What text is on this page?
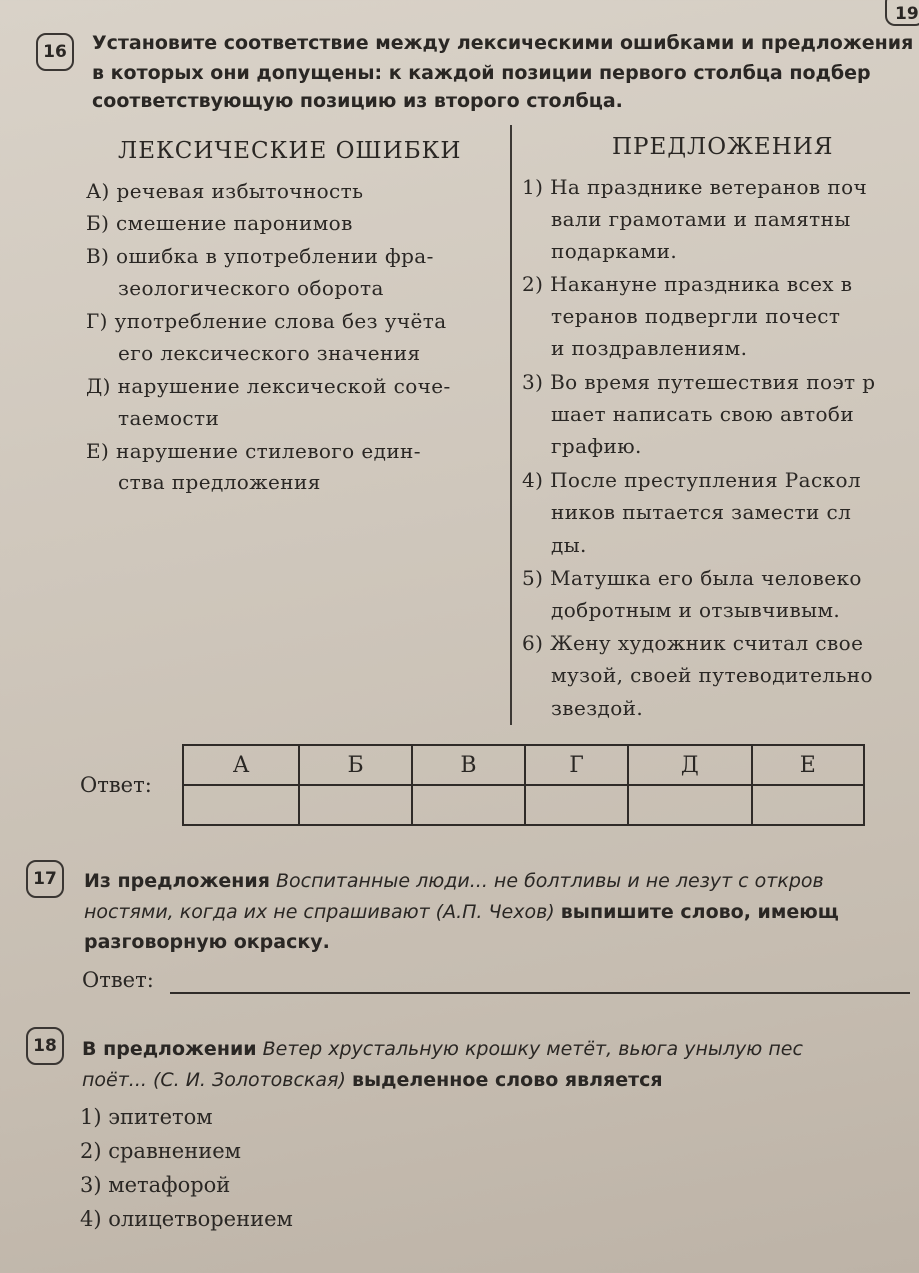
19
16	Установите соответствие между лексическими ошибками и предложения
в которых они допущены: к каждой позиции первого столбца подбер
соответствующую позицию из второго столбца.
ЛЕКСИЧЕСКИЕ ОШИБКИ	ПРЕДЛОЖЕНИЯ
А) речевая избыточность
Б) смешение паронимов
В) ошибка в употреблении фра-
зеологического оборота
Г) употребление слова без учёта
его лексического значения
Д) нарушение лексической соче-
таемости
Е) нарушение стилевого един-
ства предложения
1) На празднике ветеранов поч
вали грамотами и памятны
подарками.
2) Накануне праздника всех в
теранов подвергли почест
и поздравлениям.
3) Во время путешествия поэт р
шает написать свою автоби
графию.
4) После преступления Раскол
ников пытается замести сл
ды.
5) Матушка его была человеко
добротным и отзывчивым.
6) Жену художник считал свое
музой, своей путеводительно
звездой.
Ответ:
А	Б	В	Г	Д	Е

17	Из предложения Воспитанные люди... не болтливы и не лезут с откров
ностями, когда их не спрашивают (А.П. Чехов) выпишите слово, имеющ
разговорную окраску.
Ответ:
18	В предложении Ветер хрустальную крошку метёт, вьюга унылую пес
поёт... (С. И. Золотовская) выделенное слово является
1) эпитетом
2) сравнением
3) метафорой
4) олицетворением
